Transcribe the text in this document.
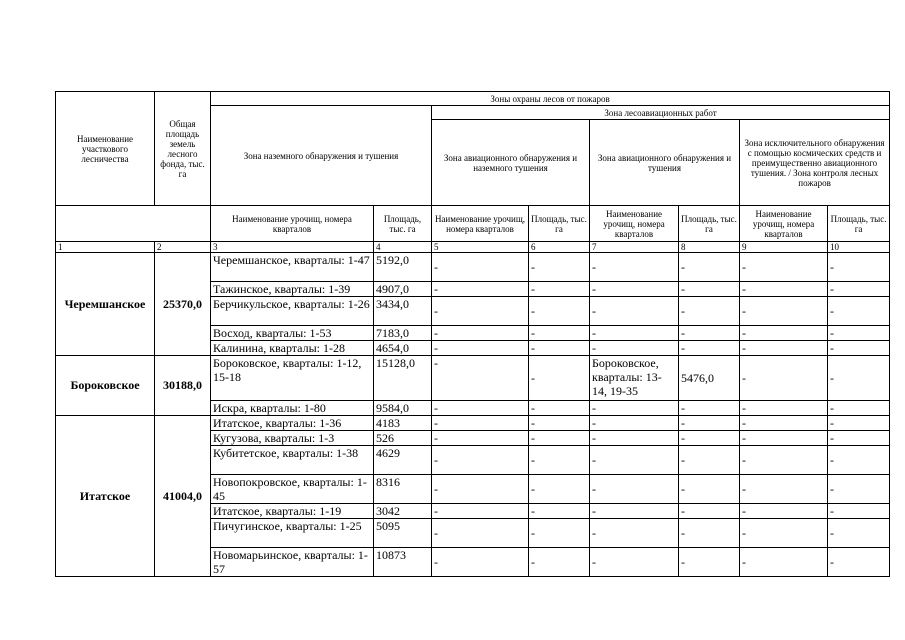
Наименование участкового лесничества	Общая площадь земель лесного фонда, тыс. га	Зоны охраны лесов от пожаров							
		Зона наземного обнаружения и тушения		Зона лесоавиационных работ					
				Зона авиационного обнаружения и наземного тушения		Зона авиационного обнаружения и тушения		Зона исключительного обнаружения с помощью космических средств и преимущественно авиационного тушения. / Зона контроля лесных пожаров	
		Наименование урочищ, номера кварталов	Площадь, тыс. га	Наименование урочищ, номера кварталов	Площадь, тыс. га	Наименование урочищ, номера кварталов	Площадь, тыс. га	Наименование урочищ, номера кварталов	Площадь, тыс. га
1	2	3	4	5	6	7	8	9	10
Черемшанское	25370,0	Черемшанское, кварталы: 1-47	5192,0	-	-	-	-	-	-
		Тажинское, кварталы: 1-39	4907,0	-	-	-	-	-	-
		Берчикульское, кварталы: 1-26	3434,0	-	-	-	-	-	-
		Восход, кварталы: 1-53	7183,0	-	-	-	-	-	-
		Калинина, кварталы: 1-28	4654,0	-	-	-	-	-	-
Бороковское	30188,0	Бороковское, кварталы: 1-12, 15-18	15128,0	-	-	Бороковское, кварталы: 13-14, 19-35	5476,0	-	-
		Искра, кварталы: 1-80	9584,0	-	-	-	-	-	-
Итатское	41004,0	Итатское, кварталы: 1-36	4183	-	-	-	-	-	-
		Кугузова, кварталы: 1-3	526	-	-	-	-	-	-
		Кубитетское, кварталы: 1-38	4629	-	-	-	-	-	-
		Новопокровское, кварталы: 1-45	8316	-	-	-	-	-	-
		Итатское, кварталы: 1-19	3042	-	-	-	-	-	-
		Пичугинское, кварталы: 1-25	5095	-	-	-	-	-	-
		Новомарьинское, кварталы: 1-57	10873	-	-	-	-	-	-
